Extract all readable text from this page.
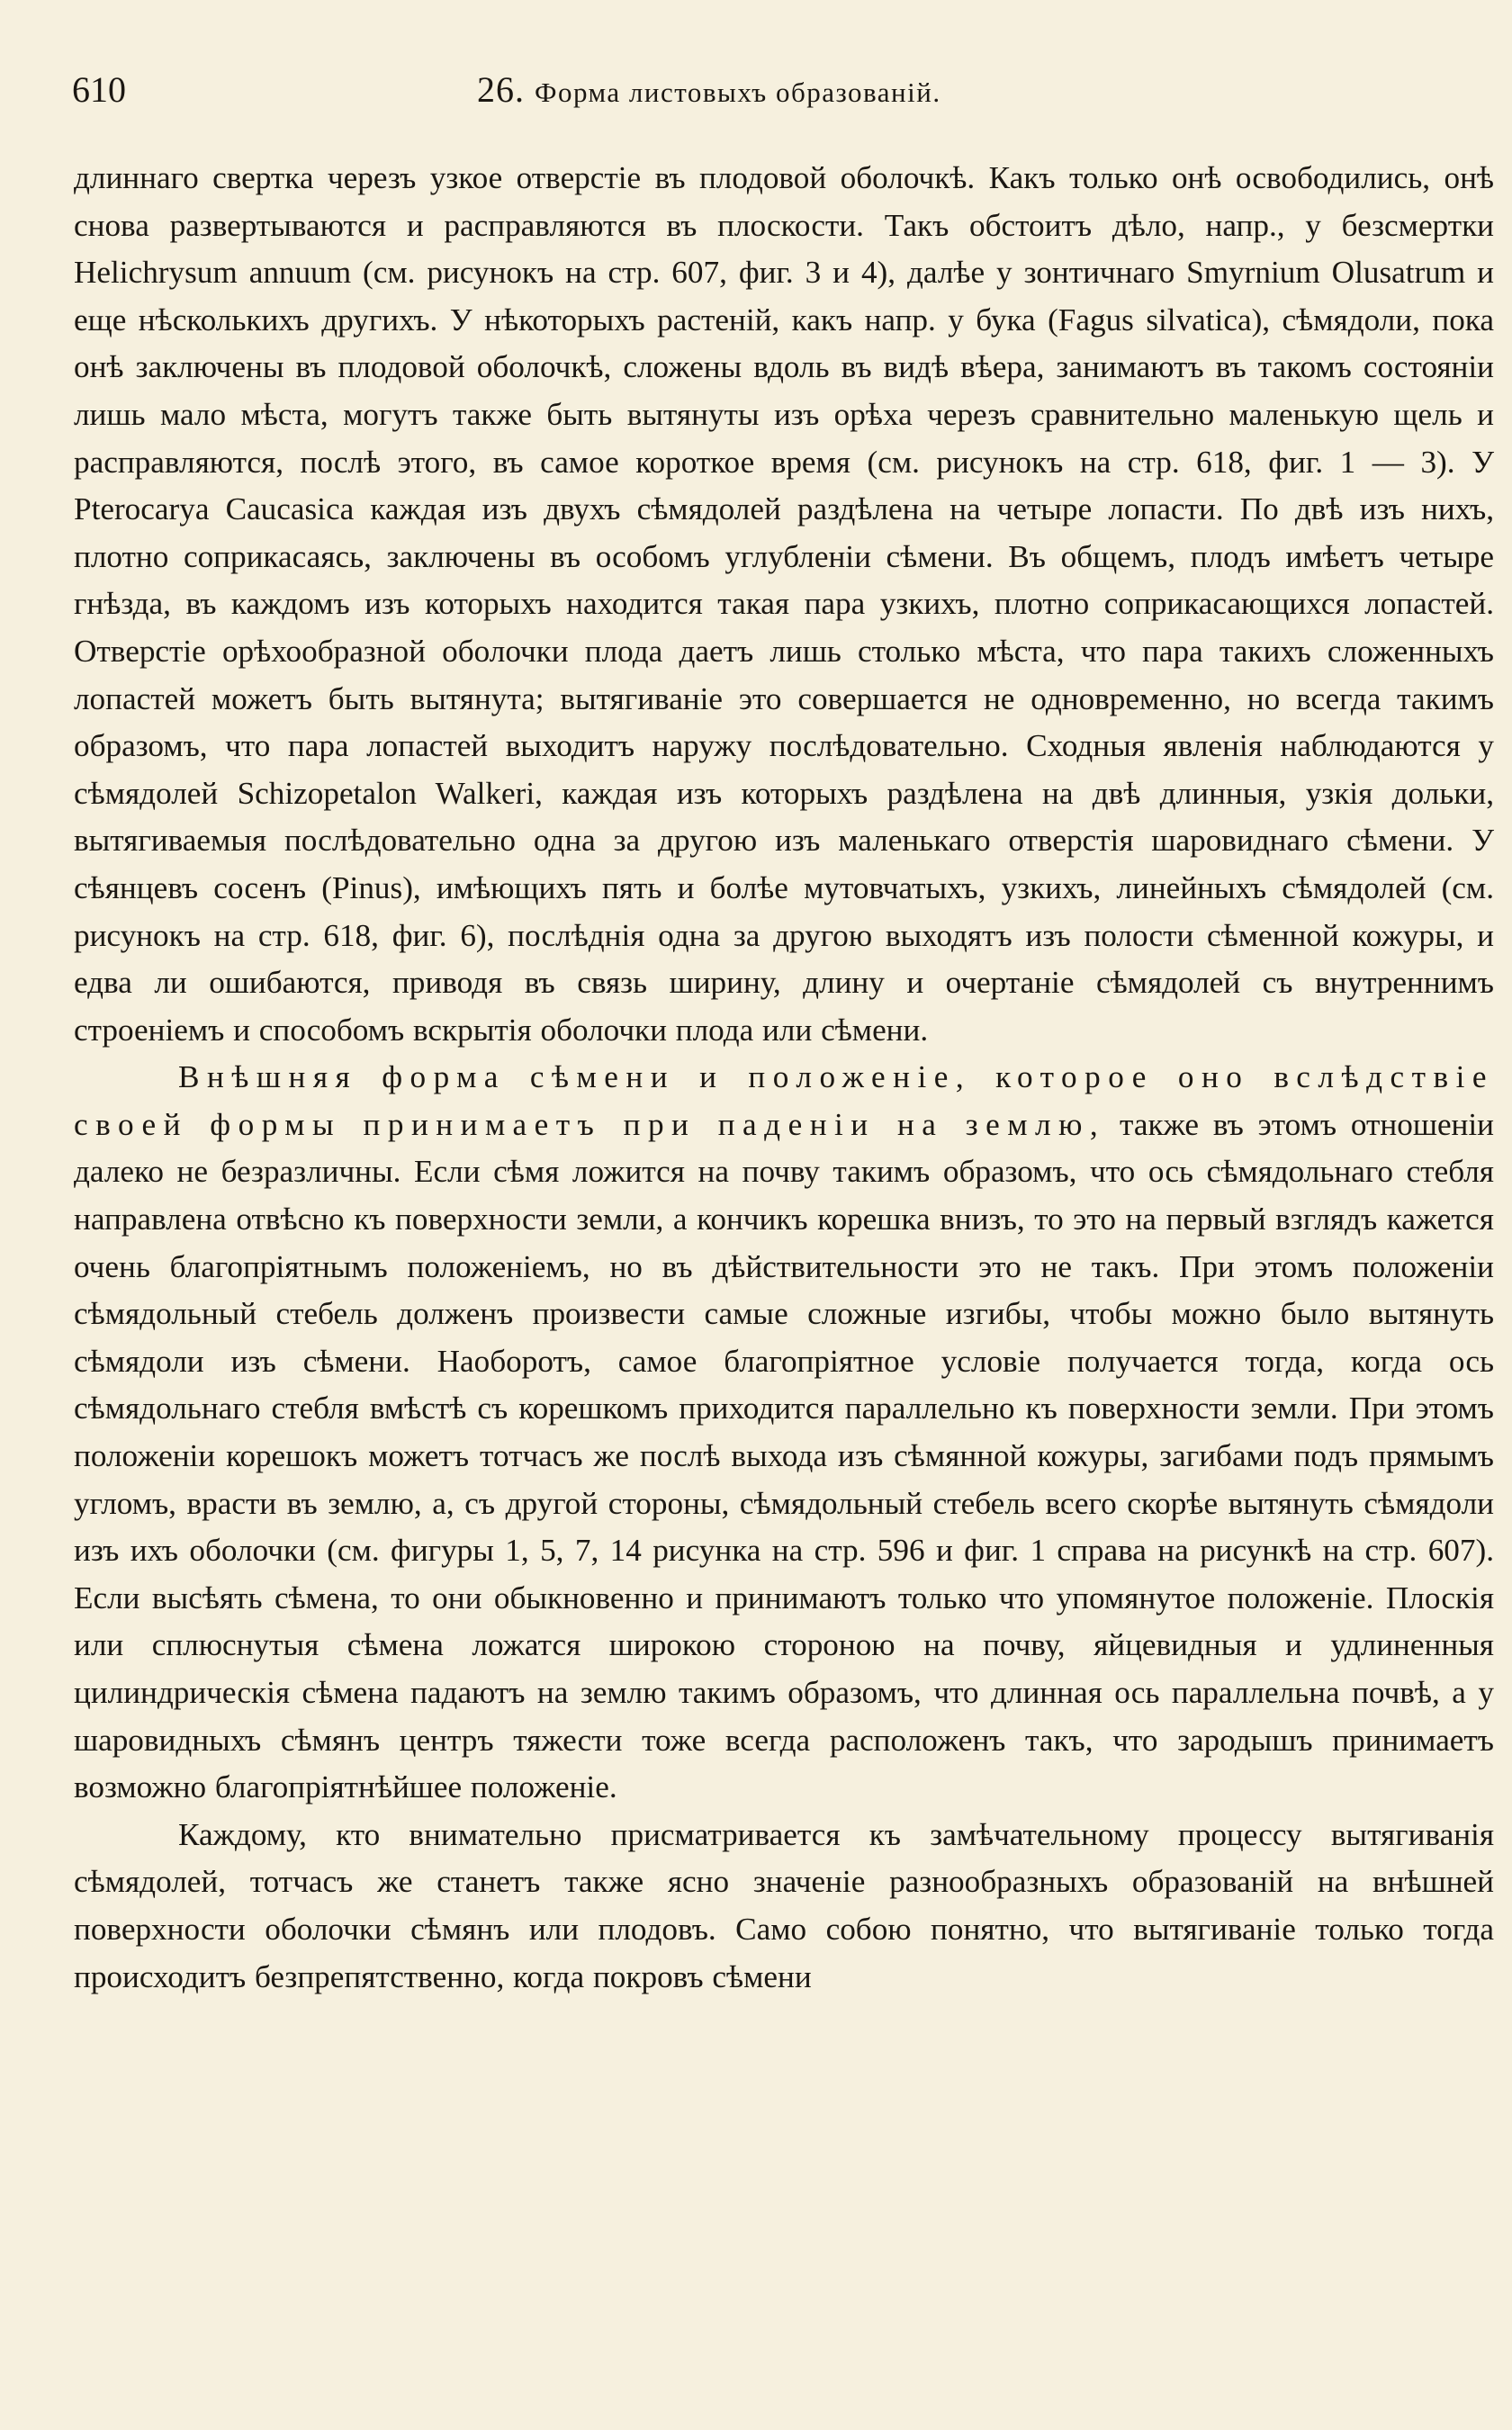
610	26. Форма листовыхъ образованій.

длиннаго свертка черезъ узкое отверстіе въ плодовой оболочкѣ. Какъ только онѣ освободились, онѣ снова развертываются и расправляются въ плоскости. Такъ обстоитъ дѣло, напр., у безсмертки Helichrysum annuum (см. рисунокъ на стр. 607, фиг. 3 и 4), далѣе у зонтичнаго Smyrnium Olusatrum и еще нѣсколькихъ другихъ. У нѣкоторыхъ растеній, какъ напр. у бука (Fagus silvatica), сѣмядоли, пока онѣ заключены въ плодовой оболочкѣ, сложены вдоль въ видѣ вѣера, занимаютъ въ такомъ состояніи лишь мало мѣста, могутъ также быть вытянуты изъ орѣха черезъ сравнительно маленькую щель и расправляются, послѣ этого, въ самое короткое время (см. рисунокъ на стр. 618, фиг. 1 — 3). У Pterocarya Caucasica каждая изъ двухъ сѣмядолей раздѣлена на четыре лопасти. По двѣ изъ нихъ, плотно соприкасаясь, заключены въ особомъ углубленіи сѣмени. Въ общемъ, плодъ имѣетъ четыре гнѣзда, въ каждомъ изъ которыхъ находится такая пара узкихъ, плотно соприкасающихся лопастей. Отверстіе орѣхообразной оболочки плода даетъ лишь столько мѣста, что пара такихъ сложенныхъ лопастей можетъ быть вытянута; вытягиваніе это совершается не одновременно, но всегда такимъ образомъ, что пара лопастей выходитъ наружу послѣдовательно. Сходныя явленія наблюдаются у сѣмядолей Schizopetalon Walkeri, каждая изъ которыхъ раздѣлена на двѣ длинныя, узкія дольки, вытягиваемыя послѣдовательно одна за другою изъ маленькаго отверстія шаровиднаго сѣмени. У сѣянцевъ сосенъ (Pinus), имѣющихъ пять и болѣе мутовчатыхъ, узкихъ, линейныхъ сѣмядолей (см. рисунокъ на стр. 618, фиг. 6), послѣднія одна за другою выходятъ изъ полости сѣменной кожуры, и едва ли ошибаются, приводя въ связь ширину, длину и очертаніе сѣмядолей съ внутреннимъ строеніемъ и способомъ вскрытія оболочки плода или сѣмени.

Внѣшняя форма сѣмени и положеніе, которое оно вслѣдствіе своей формы принимаетъ при паденіи на землю, также въ этомъ отношеніи далеко не безразличны. Если сѣмя ложится на почву такимъ образомъ, что ось сѣмядольнаго стебля направлена отвѣсно къ поверхности земли, а кончикъ корешка внизъ, то это на первый взглядъ кажется очень благопріятнымъ положеніемъ, но въ дѣйствительности это не такъ. При этомъ положеніи сѣмядольный стебель долженъ произвести самые сложные изгибы, чтобы можно было вытянуть сѣмядоли изъ сѣмени. Наоборотъ, самое благопріятное условіе получается тогда, когда ось сѣмядольнаго стебля вмѣстѣ съ корешкомъ приходится параллельно къ поверхности земли. При этомъ положеніи корешокъ можетъ тотчасъ же послѣ выхода изъ сѣмянной кожуры, загибами подъ прямымъ угломъ, врасти въ землю, а, съ другой стороны, сѣмядольный стебель всего скорѣе вытянуть сѣмядоли изъ ихъ оболочки (см. фигуры 1, 5, 7, 14 рисунка на стр. 596 и фиг. 1 справа на рисункѣ на стр. 607). Если высѣять сѣмена, то они обыкновенно и принимаютъ только что упомянутое положеніе. Плоскія или сплюснутыя сѣмена ложатся широкою стороною на почву, яйцевидныя и удлиненныя цилиндрическія сѣмена падаютъ на землю такимъ образомъ, что длинная ось параллельна почвѣ, а у шаровидныхъ сѣмянъ центръ тяжести тоже всегда расположенъ такъ, что зародышъ принимаетъ возможно благопріятнѣйшее положеніе.

Каждому, кто внимательно присматривается къ замѣчательному процессу вытягиванія сѣмядолей, тотчасъ же станетъ также ясно значеніе разнообразныхъ образованій на внѣшней поверхности оболочки сѣмянъ или плодовъ. Само собою понятно, что вытягиваніе только тогда происходитъ безпрепятственно, когда покровъ сѣмени
